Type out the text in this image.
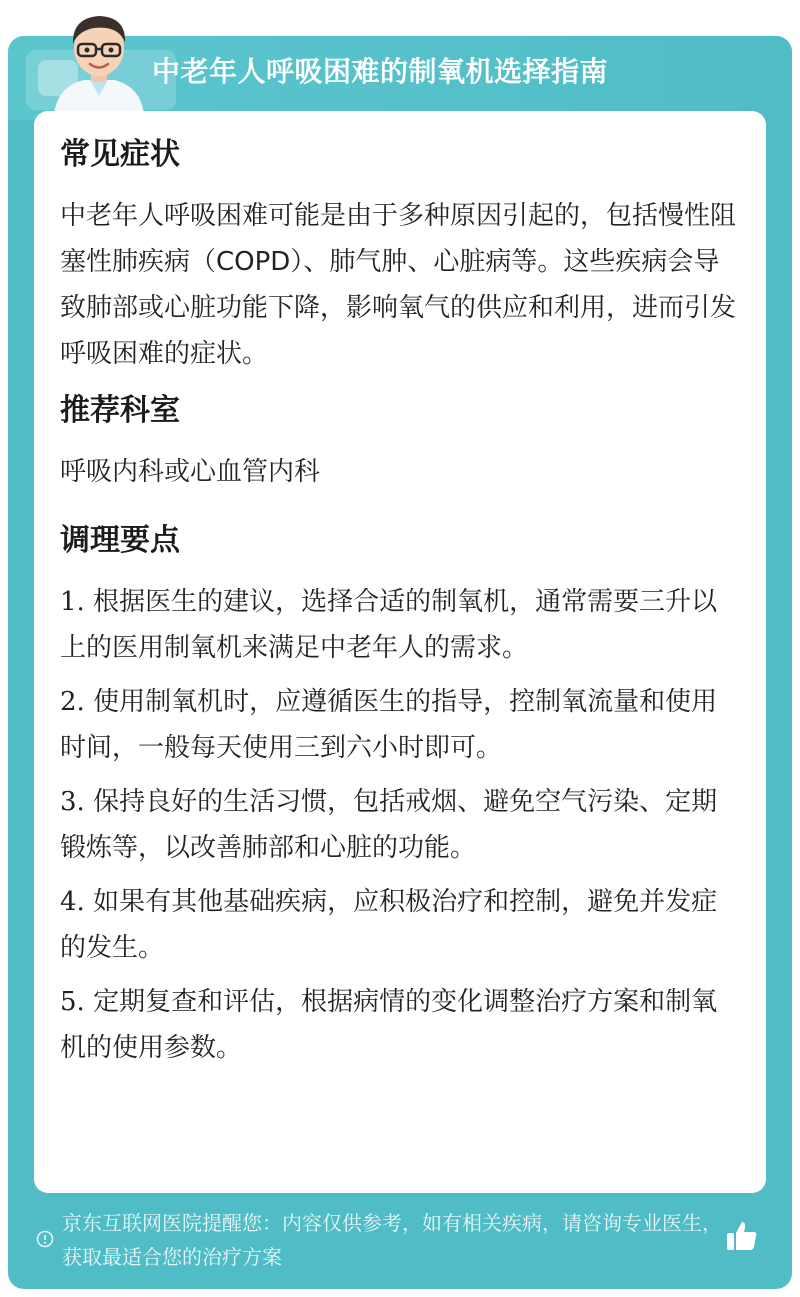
中老年人呼吸困难的制氧机选择指南
常见症状
中老年人呼吸困难可能是由于多种原因引起的，包括慢性阻塞性肺疾病（COPD）、肺气肿、心脏病等。这些疾病会导致肺部或心脏功能下降，影响氧气的供应和利用，进而引发呼吸困难的症状。
推荐科室
呼吸内科或心血管内科
调理要点
1. 根据医生的建议，选择合适的制氧机，通常需要三升以上的医用制氧机来满足中老年人的需求。
2. 使用制氧机时，应遵循医生的指导，控制氧流量和使用时间，一般每天使用三到六小时即可。
3. 保持良好的生活习惯，包括戒烟、避免空气污染、定期锻炼等，以改善肺部和心脏的功能。
4. 如果有其他基础疾病，应积极治疗和控制，避免并发症的发生。
5. 定期复查和评估，根据病情的变化调整治疗方案和制氧机的使用参数。
京东互联网医院提醒您：内容仅供参考，如有相关疾病，请咨询专业医生，获取最适合您的治疗方案
